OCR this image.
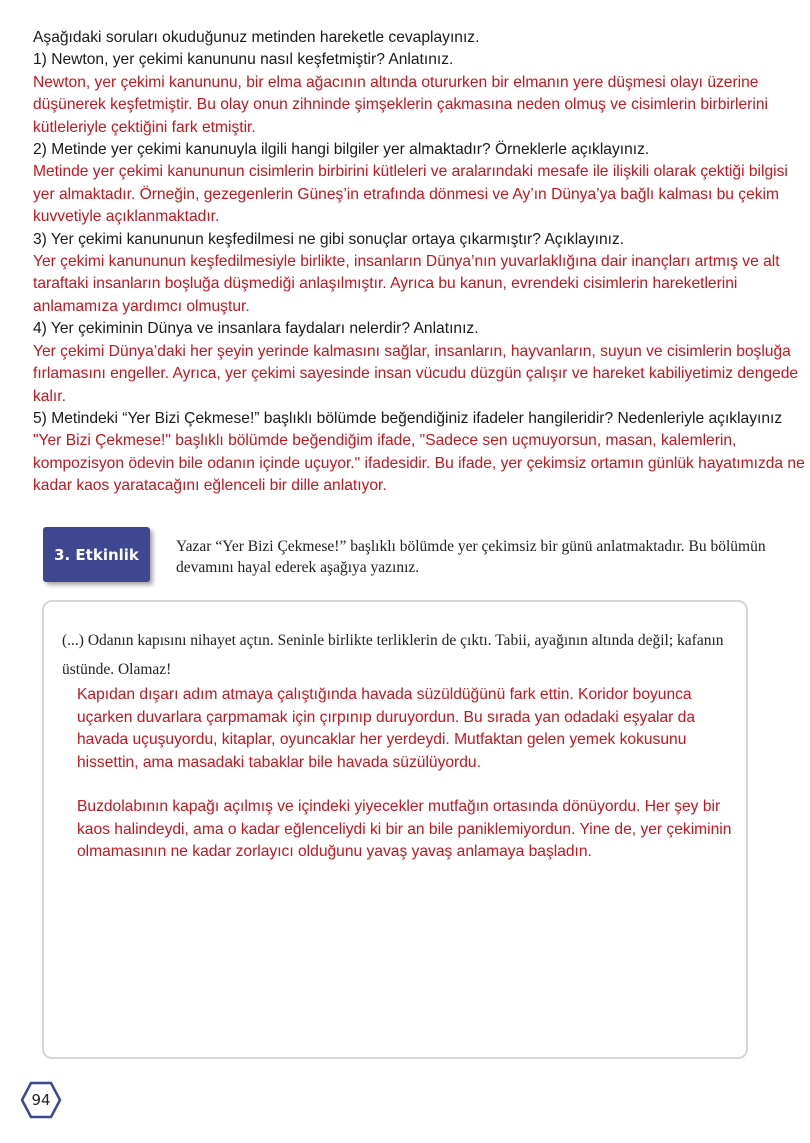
Aşağıdaki soruları okuduğunuz metinden hareketle cevaplayınız.

1) Newton, yer çekimi kanununu nasıl keşfetmiştir? Anlatınız.

Newton, yer çekimi kanununu, bir elma ağacının altında otururken bir elmanın yere düşmesi olayı üzerine düşünerek keşfetmiştir. Bu olay onun zihninde şimşeklerin çakmasına neden olmuş ve cisimlerin birbirlerini kütleleriyle çektiğini fark etmiştir.

2) Metinde yer çekimi kanunuyla ilgili hangi bilgiler yer almaktadır? Örneklerle açıklayınız.

Metinde yer çekimi kanununun cisimlerin birbirini kütleleri ve aralarındaki mesafe ile ilişkili olarak çektiği bilgisi yer almaktadır. Örneğin, gezegenlerin Güneş’in etrafında dönmesi ve Ay’ın Dünya’ya bağlı kalması bu çekim kuvvetiyle açıklanmaktadır.

3) Yer çekimi kanununun keşfedilmesi ne gibi sonuçlar ortaya çıkarmıştır? Açıklayınız.

Yer çekimi kanununun keşfedilmesiyle birlikte, insanların Dünya’nın yuvarlaklığına dair inançları artmış ve alt taraftaki insanların boşluğa düşmediği anlaşılmıştır. Ayrıca bu kanun, evrendeki cisimlerin hareketlerini anlamamıza yardımcı olmuştur.

4) Yer çekiminin Dünya ve insanlara faydaları nelerdir? Anlatınız.

Yer çekimi Dünya’daki her şeyin yerinde kalmasını sağlar, insanların, hayvanların, suyun ve cisimlerin boşluğa fırlamasını engeller. Ayrıca, yer çekimi sayesinde insan vücudu düzgün çalışır ve hareket kabiliyetimiz dengede kalır.

5) Metindeki “Yer Bizi Çekmese!” başlıklı bölümde beğendiğiniz ifadeler hangileridir? Nedenleriyle açıklayınız

"Yer Bizi Çekmese!" başlıklı bölümde beğendiğim ifade, "Sadece sen uçmuyorsun, masan, kalemlerin, kompozisyon ödevin bile odanın içinde uçuyor." ifadesidir. Bu ifade, yer çekimsiz ortamın günlük hayatımızda ne kadar kaos yaratacağını eğlenceli bir dille anlatıyor.

3. Etkinlik	Yazar “Yer Bizi Çekmese!” başlıklı bölümde yer çekimsiz bir günü anlatmaktadır. Bu bölümün devamını hayal ederek aşağıya yazınız.

(...) Odanın kapısını nihayet açtın. Seninle birlikte terliklerin de çıktı. Tabii, ayağının altında değil; kafanın üstünde. Olamaz!

Kapıdan dışarı adım atmaya çalıştığında havada süzüldüğünü fark ettin. Koridor boyunca uçarken duvarlara çarpmamak için çırpınıp duruyordun. Bu sırada yan odadaki eşyalar da havada uçuşuyordu, kitaplar, oyuncaklar her yerdeydi. Mutfaktan gelen yemek kokusunu hissettin, ama masadaki tabaklar bile havada süzülüyordu.

Buzdolabının kapağı açılmış ve içindeki yiyecekler mutfağın ortasında dönüyordu. Her şey bir kaos halindeydi, ama o kadar eğlenceliydi ki bir an bile paniklemiyordun. Yine de, yer çekiminin olmamasının ne kadar zorlayıcı olduğunu yavaş yavaş anlamaya başladın.

94
